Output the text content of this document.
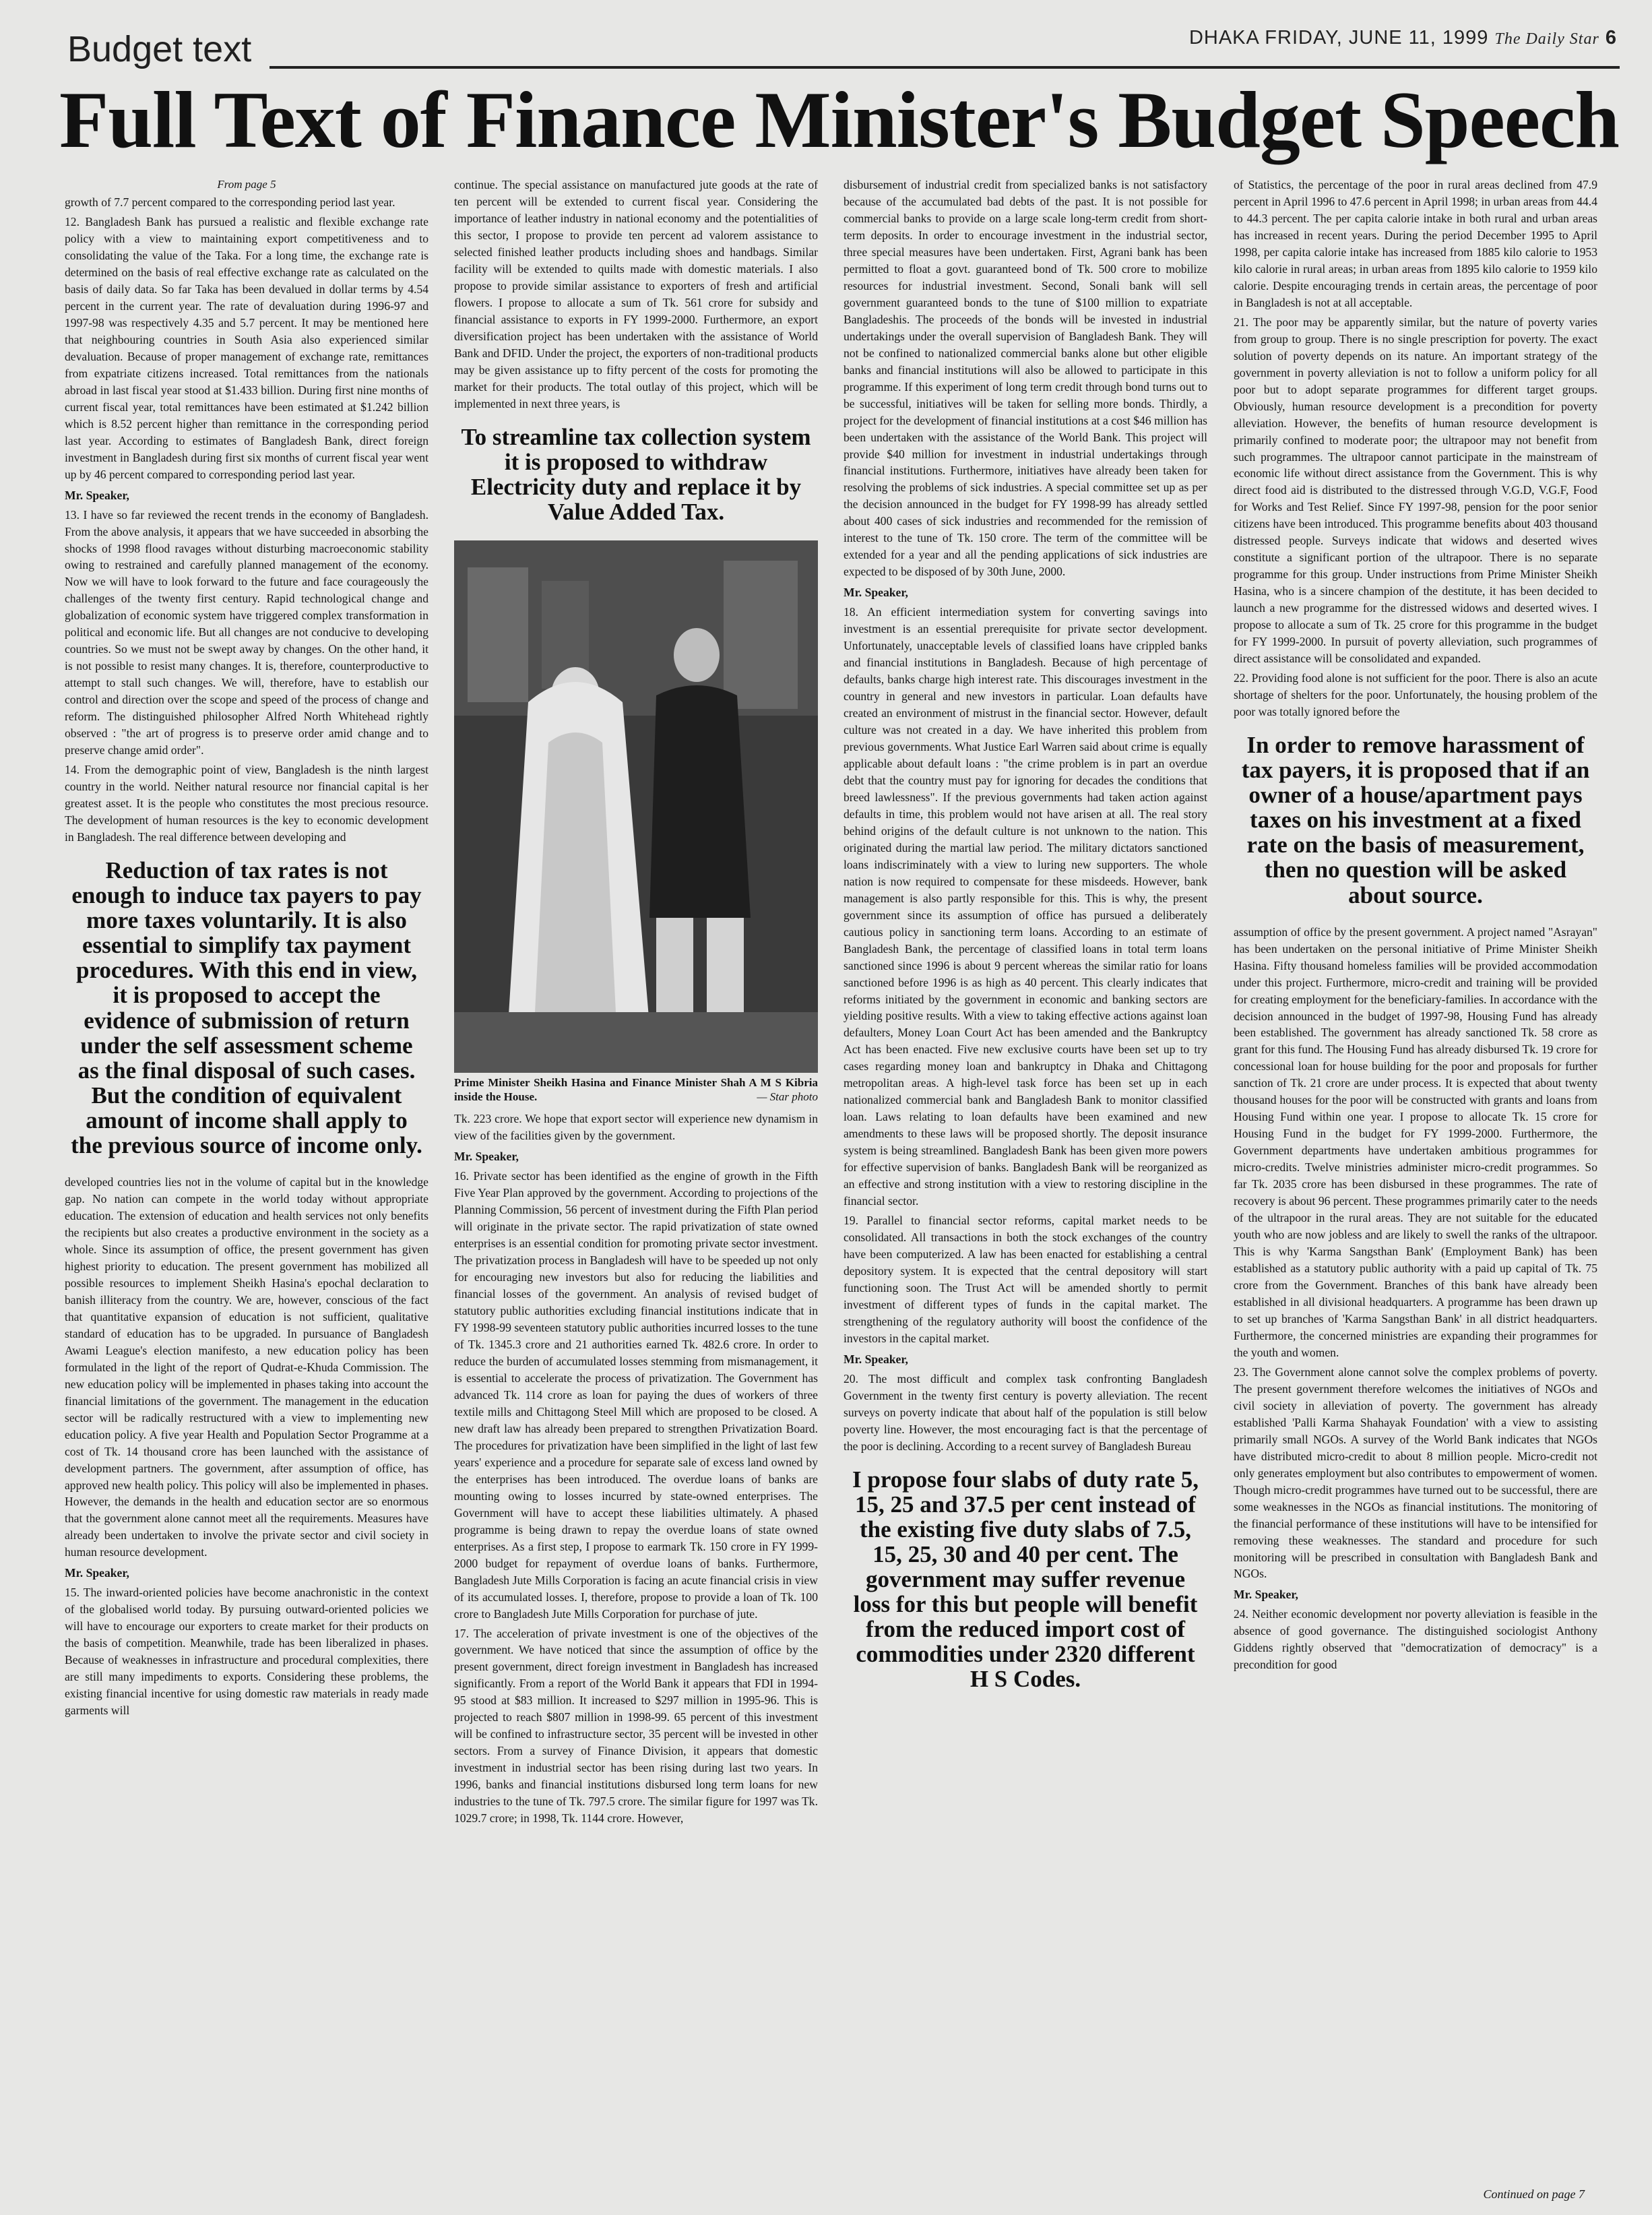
Budget text	DHAKA FRIDAY, JUNE 11, 1999 The Daily Star 6
Full Text of Finance Minister's Budget Speech
From page 5

growth of 7.7 percent compared to the corresponding period last year.

12. Bangladesh Bank has pursued a realistic and flexible exchange rate policy with a view to maintaining export competitiveness and to consolidating the value of the Taka. For a long time, the exchange rate is determined on the basis of real effective exchange rate as calculated on the basis of daily data. So far Taka has been devalued in dollar terms by 4.54 percent in the current year. The rate of devaluation during 1996-97 and 1997-98 was respectively 4.35 and 5.7 percent. It may be mentioned here that neighbouring countries in South Asia also experienced similar devaluation. Because of proper management of exchange rate, remittances from expatriate citizens increased. Total remittances from the nationals abroad in last fiscal year stood at $1.433 billion. During first nine months of current fiscal year, total remittances have been estimated at $1.242 billion which is 8.52 percent higher than remittance in the corresponding period last year. According to estimates of Bangladesh Bank, direct foreign investment in Bangladesh during first six months of current fiscal year went up by 46 percent compared to corresponding period last year.

Mr. Speaker,

13. I have so far reviewed the recent trends in the economy of Bangladesh. From the above analysis, it appears that we have succeeded in absorbing the shocks of 1998 flood ravages without disturbing macroeconomic stability owing to restrained and carefully planned management of the economy. Now we will have to look forward to the future and face courageously the challenges of the twenty first century. Rapid technological change and globalization of economic system have triggered complex transformation in political and economic life. But all changes are not conducive to developing countries. So we must not be swept away by changes. On the other hand, it is not possible to resist many changes. It is, therefore, counterproductive to attempt to stall such changes. We will, therefore, have to establish our control and direction over the scope and speed of the process of change and reform. The distinguished philosopher Alfred North Whitehead rightly observed : "the art of progress is to preserve order amid change and to preserve change amid order".

14. From the demographic point of view, Bangladesh is the ninth largest country in the world. Neither natural resource nor financial capital is her greatest asset. It is the people who constitutes the most precious resource. The development of human resources is the key to economic development in Bangladesh. The real difference between developing and

Reduction of tax rates is not enough to induce tax payers to pay more taxes voluntarily. It is also essential to simplify tax payment procedures. With this end in view, it is proposed to accept the evidence of submission of return under the self assessment scheme as the final disposal of such cases. But the condition of equivalent amount of income shall apply to the previous source of income only.

developed countries lies not in the volume of capital but in the knowledge gap. No nation can compete in the world today without appropriate education. The extension of education and health services not only benefits the recipients but also creates a productive environment in the society as a whole. Since its assumption of office, the present government has given highest priority to education. The present government has mobilized all possible resources to implement Sheikh Hasina's epochal declaration to banish illiteracy from the country. We are, however, conscious of the fact that quantitative expansion of education is not sufficient, qualitative standard of education has to be upgraded. In pursuance of Bangladesh Awami League's election manifesto, a new education policy has been formulated in the light of the report of Qudrat-e-Khuda Commission. The new education policy will be implemented in phases taking into account the financial limitations of the government. The management in the education sector will be radically restructured with a view to implementing new education policy. A five year Health and Population Sector Programme at a cost of Tk. 14 thousand crore has been launched with the assistance of development partners. The government, after assumption of office, has approved new health policy. This policy will also be implemented in phases. However, the demands in the health and education sector are so enormous that the government alone cannot meet all the requirements. Measures have already been undertaken to involve the private sector and civil society in human resource development.

Mr. Speaker,

15. The inward-oriented policies have become anachronistic in the context of the globalised world today. By pursuing outward-oriented policies we will have to encourage our exporters to create market for their products on the basis of competition. Meanwhile, trade has been liberalized in phases. Because of weaknesses in infrastructure and procedural complexities, there are still many impediments to exports. Considering these problems, the existing financial incentive for using domestic raw materials in ready made garments will

continue. The special assistance on manufactured jute goods at the rate of ten percent will be extended to current fiscal year. Considering the importance of leather industry in national economy and the potentialities of this sector, I propose to provide ten percent ad valorem assistance to selected finished leather products including shoes and handbags. Similar facility will be extended to quilts made with domestic materials. I also propose to provide similar assistance to exporters of fresh and artificial flowers. I propose to allocate a sum of Tk. 561 crore for subsidy and financial assistance to exports in FY 1999-2000. Furthermore, an export diversification project has been undertaken with the assistance of World Bank and DFID. Under the project, the exporters of non-traditional products may be given assistance up to fifty percent of the costs for promoting the market for their products. The total outlay of this project, which will be implemented in next three years, is

To streamline tax collection system it is proposed to withdraw Electricity duty and replace it by Value Added Tax.
Prime Minister Sheikh Hasina and Finance Minister Shah A M S Kibria inside the House.	— Star photo

Tk. 223 crore. We hope that export sector will experience new dynamism in view of the facilities given by the government.

Mr. Speaker,

16. Private sector has been identified as the engine of growth in the Fifth Five Year Plan approved by the government. According to projections of the Planning Commission, 56 percent of investment during the Fifth Plan period will originate in the private sector. The rapid privatization of state owned enterprises is an essential condition for promoting private sector investment. The privatization process in Bangladesh will have to be speeded up not only for encouraging new investors but also for reducing the liabilities and financial losses of the government. An analysis of revised budget of statutory public authorities excluding financial institutions indicate that in FY 1998-99 seventeen statutory public authorities incurred losses to the tune of Tk. 1345.3 crore and 21 authorities earned Tk. 482.6 crore. In order to reduce the burden of accumulated losses stemming from mismanagement, it is essential to accelerate the process of privatization. The Government has advanced Tk. 114 crore as loan for paying the dues of workers of three textile mills and Chittagong Steel Mill which are proposed to be closed. A new draft law has already been prepared to strengthen Privatization Board. The procedures for privatization have been simplified in the light of last few years' experience and a procedure for separate sale of excess land owned by the enterprises has been introduced. The overdue loans of banks are mounting owing to losses incurred by state-owned enterprises. The Government will have to accept these liabilities ultimately. A phased programme is being drawn to repay the overdue loans of state owned enterprises. As a first step, I propose to earmark Tk. 150 crore in FY 1999-2000 budget for repayment of overdue loans of banks. Furthermore, Bangladesh Jute Mills Corporation is facing an acute financial crisis in view of its accumulated losses. I, therefore, propose to provide a loan of Tk. 100 crore to Bangladesh Jute Mills Corporation for purchase of jute.

17. The acceleration of private investment is one of the objectives of the government. We have noticed that since the assumption of office by the present government, direct foreign investment in Bangladesh has increased significantly. From a report of the World Bank it appears that FDI in 1994-95 stood at $83 million. It increased to $297 million in 1995-96. This is projected to reach $807 million in 1998-99. 65 percent of this investment will be confined to infrastructure sector, 35 percent will be invested in other sectors. From a survey of Finance Division, it appears that domestic investment in industrial sector has been rising during last two years. In 1996, banks and financial institutions disbursed long term loans for new industries to the tune of Tk. 797.5 crore. The similar figure for 1997 was Tk. 1029.7 crore; in 1998, Tk. 1144 crore. However,

disbursement of industrial credit from specialized banks is not satisfactory because of the accumulated bad debts of the past. It is not possible for commercial banks to provide on a large scale long-term credit from short-term deposits. In order to encourage investment in the industrial sector, three special measures have been undertaken. First, Agrani bank has been permitted to float a govt. guaranteed bond of Tk. 500 crore to mobilize resources for industrial investment. Second, Sonali bank will sell government guaranteed bonds to the tune of $100 million to expatriate Bangladeshis. The proceeds of the bonds will be invested in industrial undertakings under the overall supervision of Bangladesh Bank. They will not be confined to nationalized commercial banks alone but other eligible banks and financial institutions will also be allowed to participate in this programme. If this experiment of long term credit through bond turns out to be successful, initiatives will be taken for selling more bonds. Thirdly, a project for the development of financial institutions at a cost $46 million has been undertaken with the assistance of the World Bank. This project will provide $40 million for investment in industrial undertakings through financial institutions. Furthermore, initiatives have already been taken for resolving the problems of sick industries. A special committee set up as per the decision announced in the budget for FY 1998-99 has already settled about 400 cases of sick industries and recommended for the remission of interest to the tune of Tk. 150 crore. The term of the committee will be extended for a year and all the pending applications of sick industries are expected to be disposed of by 30th June, 2000.

Mr. Speaker,

18. An efficient intermediation system for converting savings into investment is an essential prerequisite for private sector development. Unfortunately, unacceptable levels of classified loans have crippled banks and financial institutions in Bangladesh. Because of high percentage of defaults, banks charge high interest rate. This discourages investment in the country in general and new investors in particular. Loan defaults have created an environment of mistrust in the financial sector. However, default culture was not created in a day. We have inherited this problem from previous governments. What Justice Earl Warren said about crime is equally applicable about default loans : "the crime problem is in part an overdue debt that the country must pay for ignoring for decades the conditions that breed lawlessness". If the previous governments had taken action against defaults in time, this problem would not have arisen at all. The real story behind origins of the default culture is not unknown to the nation. This originated during the martial law period. The military dictators sanctioned loans indiscriminately with a view to luring new supporters. The whole nation is now required to compensate for these misdeeds. However, bank management is also partly responsible for this. This is why, the present government since its assumption of office has pursued a deliberately cautious policy in sanctioning term loans. According to an estimate of Bangladesh Bank, the percentage of classified loans in total term loans sanctioned since 1996 is about 9 percent whereas the similar ratio for loans sanctioned before 1996 is as high as 40 percent. This clearly indicates that reforms initiated by the government in economic and banking sectors are yielding positive results. With a view to taking effective actions against loan defaulters, Money Loan Court Act has been amended and the Bankruptcy Act has been enacted. Five new exclusive courts have been set up to try cases regarding money loan and bankruptcy in Dhaka and Chittagong metropolitan areas. A high-level task force has been set up in each nationalized commercial bank and Bangladesh Bank to monitor classified loan. Laws relating to loan defaults have been examined and new amendments to these laws will be proposed shortly. The deposit insurance system is being streamlined. Bangladesh Bank has been given more powers for effective supervision of banks. Bangladesh Bank will be reorganized as an effective and strong institution with a view to restoring discipline in the financial sector.

19. Parallel to financial sector reforms, capital market needs to be consolidated. All transactions in both the stock exchanges of the country have been computerized. A law has been enacted for establishing a central depository system. It is expected that the central depository will start functioning soon. The Trust Act will be amended shortly to permit investment of different types of funds in the capital market. The strengthening of the regulatory authority will boost the confidence of the investors in the capital market.

Mr. Speaker,

20. The most difficult and complex task confronting Bangladesh Government in the twenty first century is poverty alleviation. The recent surveys on poverty indicate that about half of the population is still below poverty line. However, the most encouraging fact is that the percentage of the poor is declining. According to a recent survey of Bangladesh Bureau

I propose four slabs of duty rate 5, 15, 25 and 37.5 per cent instead of the existing five duty slabs of 7.5, 15, 25, 30 and 40 per cent. The government may suffer revenue loss for this but people will benefit from the reduced import cost of commodities under 2320 different H S Codes.

of Statistics, the percentage of the poor in rural areas declined from 47.9 percent in April 1996 to 47.6 percent in April 1998; in urban areas from 44.4 to 44.3 percent. The per capita calorie intake in both rural and urban areas has increased in recent years. During the period December 1995 to April 1998, per capita calorie intake has increased from 1885 kilo calorie to 1953 kilo calorie in rural areas; in urban areas from 1895 kilo calorie to 1959 kilo calorie. Despite encouraging trends in certain areas, the percentage of poor in Bangladesh is not at all acceptable.

21. The poor may be apparently similar, but the nature of poverty varies from group to group. There is no single prescription for poverty. The exact solution of poverty depends on its nature. An important strategy of the government in poverty alleviation is not to follow a uniform policy for all poor but to adopt separate programmes for different target groups. Obviously, human resource development is a precondition for poverty alleviation. However, the benefits of human resource development is primarily confined to moderate poor; the ultrapoor may not benefit from such programmes. The ultrapoor cannot participate in the mainstream of economic life without direct assistance from the Government. This is why direct food aid is distributed to the distressed through V.G.D, V.G.F, Food for Works and Test Relief. Since FY 1997-98, pension for the poor senior citizens have been introduced. This programme benefits about 403 thousand distressed people. Surveys indicate that widows and deserted wives constitute a significant portion of the ultrapoor. There is no separate programme for this group. Under instructions from Prime Minister Sheikh Hasina, who is a sincere champion of the destitute, it has been decided to launch a new programme for the distressed widows and deserted wives. I propose to allocate a sum of Tk. 25 crore for this programme in the budget for FY 1999-2000. In pursuit of poverty alleviation, such programmes of direct assistance will be consolidated and expanded.

22. Providing food alone is not sufficient for the poor. There is also an acute shortage of shelters for the poor. Unfortunately, the housing problem of the poor was totally ignored before the

In order to remove harassment of tax payers, it is proposed that if an owner of a house/apartment pays taxes on his investment at a fixed rate on the basis of measurement, then no question will be asked about source.

assumption of office by the present government. A project named "Asrayan" has been undertaken on the personal initiative of Prime Minister Sheikh Hasina. Fifty thousand homeless families will be provided accommodation under this project. Furthermore, micro-credit and training will be provided for creating employment for the beneficiary-families. In accordance with the decision announced in the budget of 1997-98, Housing Fund has already been established. The government has already sanctioned Tk. 58 crore as grant for this fund. The Housing Fund has already disbursed Tk. 19 crore for concessional loan for house building for the poor and proposals for further sanction of Tk. 21 crore are under process. It is expected that about twenty thousand houses for the poor will be constructed with grants and loans from Housing Fund within one year. I propose to allocate Tk. 15 crore for Housing Fund in the budget for FY 1999-2000. Furthermore, the Government departments have undertaken ambitious programmes for micro-credits. Twelve ministries administer micro-credit programmes. So far Tk. 2035 crore has been disbursed in these programmes. The rate of recovery is about 96 percent. These programmes primarily cater to the needs of the ultrapoor in the rural areas. They are not suitable for the educated youth who are now jobless and are likely to swell the ranks of the ultrapoor. This is why 'Karma Sangsthan Bank' (Employment Bank) has been established as a statutory public authority with a paid up capital of Tk. 75 crore from the Government. Branches of this bank have already been established in all divisional headquarters. A programme has been drawn up to set up branches of 'Karma Sangsthan Bank' in all district headquarters. Furthermore, the concerned ministries are expanding their programmes for the youth and women.

23. The Government alone cannot solve the complex problems of poverty. The present government therefore welcomes the initiatives of NGOs and civil society in alleviation of poverty. The government has already established 'Palli Karma Shahayak Foundation' with a view to assisting primarily small NGOs. A survey of the World Bank indicates that NGOs have distributed micro-credit to about 8 million people. Micro-credit not only generates employment but also contributes to empowerment of women. Though micro-credit programmes have turned out to be successful, there are some weaknesses in the NGOs as financial institutions. The monitoring of the financial performance of these institutions will have to be intensified for removing these weaknesses. The standard and procedure for such monitoring will be prescribed in consultation with Bangladesh Bank and NGOs.

Mr. Speaker,

24. Neither economic development nor poverty alleviation is feasible in the absence of good governance. The distinguished sociologist Anthony Giddens rightly observed that "democratization of democracy" is a precondition for good

Continued on page 7
